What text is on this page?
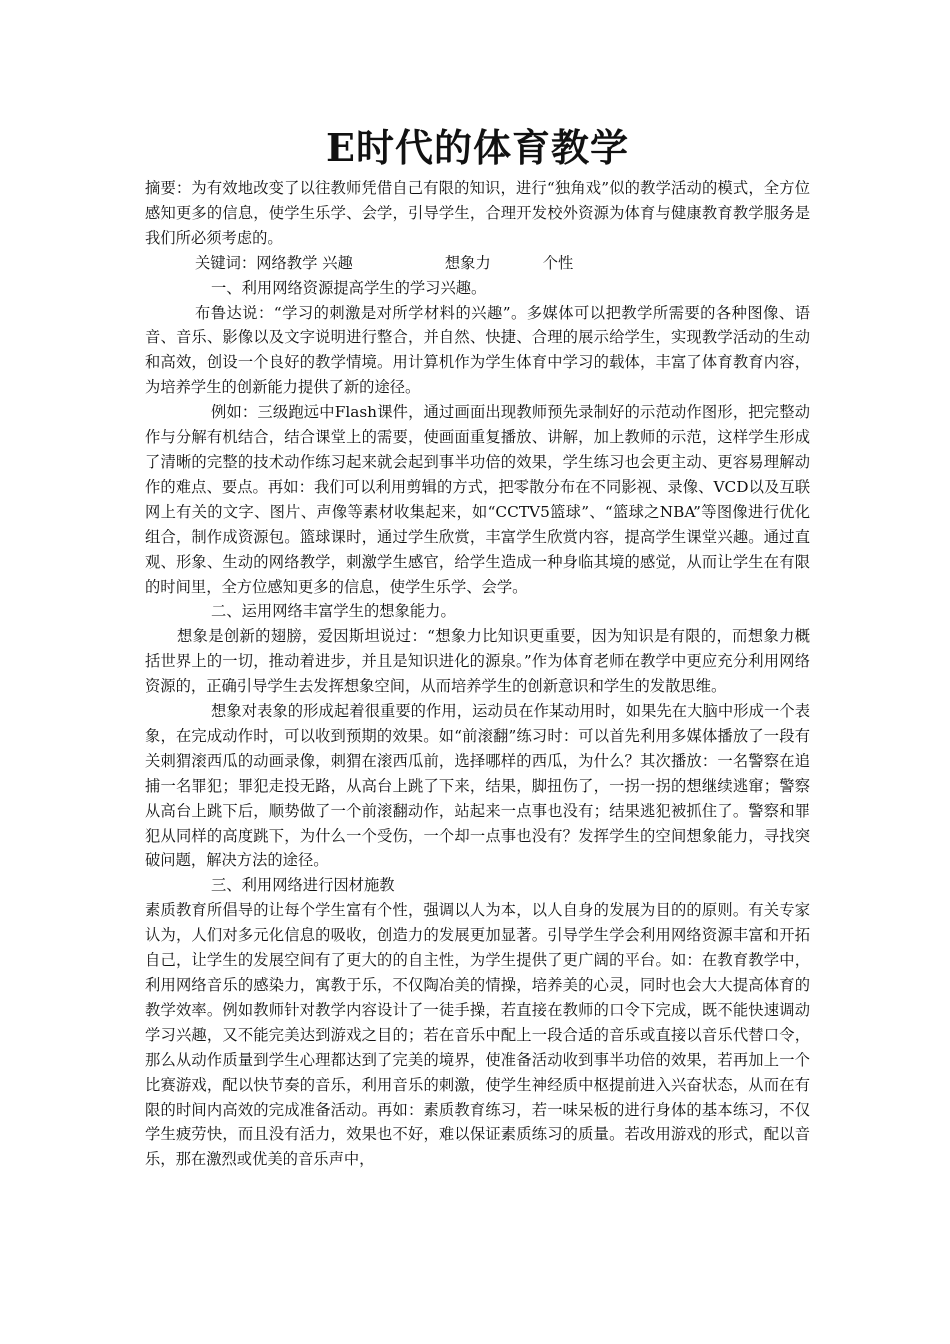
E时代的体育教学

摘要：为有效地改变了以往教师凭借自己有限的知识，进行“独角戏”似的教学活动的模式，全方位感知更多的信息，使学生乐学、会学，引导学生，合理开发校外资源为体育与健康教育教学服务是我们所必须考虑的。

关键词：网络教学 兴趣	想象力	个性

一、利用网络资源提高学生的学习兴趣。

布鲁达说：“学习的刺激是对所学材料的兴趣”。多媒体可以把教学所需要的各种图像、语音、音乐、影像以及文字说明进行整合，并自然、快捷、合理的展示给学生，实现教学活动的生动和高效，创设一个良好的教学情境。用计算机作为学生体育中学习的载体，丰富了体育教育内容，为培养学生的创新能力提供了新的途径。

例如：三级跑远中Flash课件，通过画面出现教师预先录制好的示范动作图形，把完整动作与分解有机结合，结合课堂上的需要，使画面重复播放、讲解，加上教师的示范，这样学生形成了清晰的完整的技术动作练习起来就会起到事半功倍的效果，学生练习也会更主动、更容易理解动作的难点、要点。再如：我们可以利用剪辑的方式，把零散分布在不同影视、录像、VCD以及互联网上有关的文字、图片、声像等素材收集起来，如“CCTV5篮球”、“篮球之NBA”等图像进行优化组合，制作成资源包。篮球课时，通过学生欣赏，丰富学生欣赏内容，提高学生课堂兴趣。通过直观、形象、生动的网络教学，刺激学生感官，给学生造成一种身临其境的感觉，从而让学生在有限的时间里，全方位感知更多的信息，使学生乐学、会学。

二、运用网络丰富学生的想象能力。

想象是创新的翅膀，爱因斯坦说过：“想象力比知识更重要，因为知识是有限的，而想象力概括世界上的一切，推动着进步，并且是知识进化的源泉。”作为体育老师在教学中更应充分利用网络资源的，正确引导学生去发挥想象空间，从而培养学生的创新意识和学生的发散思维。

想象对表象的形成起着很重要的作用，运动员在作某动用时，如果先在大脑中形成一个表象，在完成动作时，可以收到预期的效果。如“前滚翻”练习时：可以首先利用多媒体播放了一段有关刺猬滚西瓜的动画录像，刺猬在滚西瓜前，选择哪样的西瓜，为什么？其次播放：一名警察在追捕一名罪犯；罪犯走投无路，从高台上跳了下来，结果，脚扭伤了，一拐一拐的想继续逃窜；警察从高台上跳下后，顺势做了一个前滚翻动作，站起来一点事也没有；结果逃犯被抓住了。警察和罪犯从同样的高度跳下，为什么一个受伤，一个却一点事也没有？发挥学生的空间想象能力，寻找突破问题，解决方法的途径。

三、利用网络进行因材施教

素质教育所倡导的让每个学生富有个性，强调以人为本，以人自身的发展为目的的原则。有关专家认为，人们对多元化信息的吸收，创造力的发展更加显著。引导学生学会利用网络资源丰富和开拓自己，让学生的发展空间有了更大的的自主性，为学生提供了更广阔的平台。如：在教育教学中，利用网络音乐的感染力，寓教于乐，不仅陶冶美的情操，培养美的心灵，同时也会大大提高体育的教学效率。例如教师针对教学内容设计了一徒手操，若直接在教师的口令下完成，既不能快速调动学习兴趣，又不能完美达到游戏之目的；若在音乐中配上一段合适的音乐或直接以音乐代替口令，那么从动作质量到学生心理都达到了完美的境界，使准备活动收到事半功倍的效果，若再加上一个比赛游戏，配以快节奏的音乐，利用音乐的刺激，使学生神经质中枢提前进入兴奋状态，从而在有限的时间内高效的完成准备活动。再如：素质教育练习，若一味呆板的进行身体的基本练习，不仅学生疲劳快，而且没有活力，效果也不好，难以保证素质练习的质量。若改用游戏的形式，配以音乐，那在激烈或优美的音乐声中，
